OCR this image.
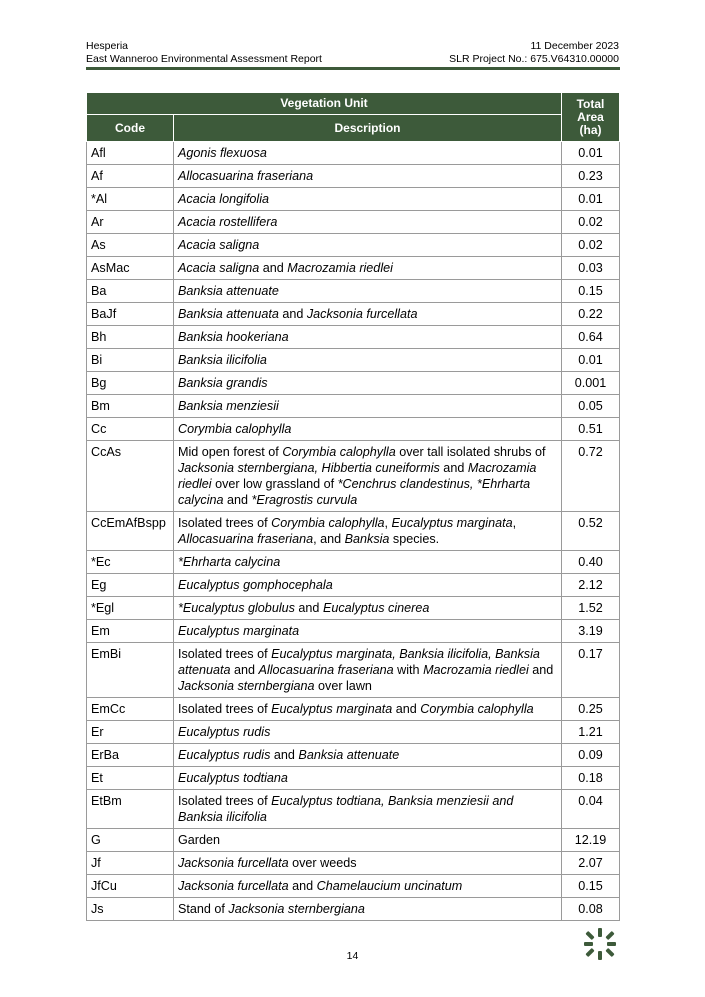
Hesperia
East Wanneroo Environmental Assessment Report
11 December 2023
SLR Project No.: 675.V64310.00000
Vegetation Unit		Total Area (ha)
Code	Description	
Afl	Agonis flexuosa	0.01
Af	Allocasuarina fraseriana	0.23
*Al	Acacia longifolia	0.01
Ar	Acacia rostellifera	0.02
As	Acacia saligna	0.02
AsMac	Acacia saligna and Macrozamia riedlei	0.03
Ba	Banksia attenuate	0.15
BaJf	Banksia attenuata and Jacksonia furcellata	0.22
Bh	Banksia hookeriana	0.64
Bi	Banksia ilicifolia	0.01
Bg	Banksia grandis	0.001
Bm	Banksia menziesii	0.05
Cc	Corymbia calophylla	0.51
CcAs	Mid open forest of Corymbia calophylla over tall isolated shrubs of Jacksonia sternbergiana, Hibbertia cuneiformis and Macrozamia riedlei over low grassland of *Cenchrus clandestinus, *Ehrharta calycina and *Eragrostis curvula	0.72
CcEmAfBspp	Isolated trees of Corymbia calophylla, Eucalyptus marginata, Allocasuarina fraseriana, and Banksia species.	0.52
*Ec	*Ehrharta calycina	0.40
Eg	Eucalyptus gomphocephala	2.12
*Egl	*Eucalyptus globulus and Eucalyptus cinerea	1.52
Em	Eucalyptus marginata	3.19
EmBi	Isolated trees of Eucalyptus marginata, Banksia ilicifolia, Banksia attenuata and Allocasuarina fraseriana with Macrozamia riedlei and Jacksonia sternbergiana over lawn	0.17
EmCc	Isolated trees of Eucalyptus marginata and Corymbia calophylla	0.25
Er	Eucalyptus rudis	1.21
ErBa	Eucalyptus rudis and Banksia attenuate	0.09
Et	Eucalyptus todtiana	0.18
EtBm	Isolated trees of Eucalyptus todtiana, Banksia menziesii and Banksia ilicifolia	0.04
G	Garden	12.19
Jf	Jacksonia furcellata over weeds	2.07
JfCu	Jacksonia furcellata and Chamelaucium uncinatum	0.15
Js	Stand of Jacksonia sternbergiana	0.08
14
